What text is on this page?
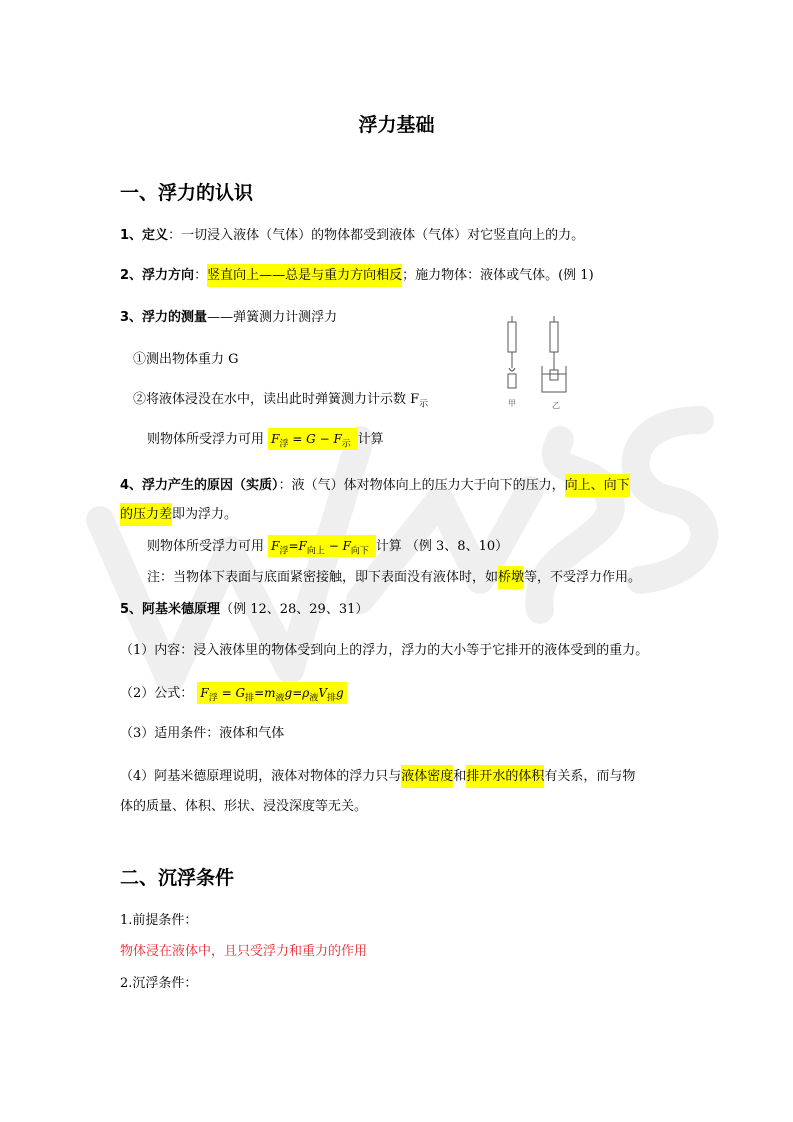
浮力基础
一、浮力的认识
1、定义：一切浸入液体（气体）的物体都受到液体（气体）对它竖直向上的力。
2、浮力方向：竖直向上——总是与重力方向相反；施力物体：液体或气体。(例 1)
3、浮力的测量——弹簧测力计测浮力
①测出物体重力 G
②将液体浸没在水中，读出此时弹簧测力计示数 $F_示$
则物体所受浮力可用 $F_浮 = G - F_示$ 计算
甲	乙
4、浮力产生的原因（实质）：液（气）体对物体向上的压力大于向下的压力，向上、向下
的压力差即为浮力。
则物体所受浮力可用 $F_浮=F_{向上} - F_{向下}$ 计算 （例 3、8、10）
注：当物体下表面与底面紧密接触，即下表面没有液体时，如桥墩等，不受浮力作用。
5、阿基米德原理（例 12、28、29、31）
（1）内容：浸入液体里的物体受到向上的浮力，浮力的大小等于它排开的液体受到的重力。
（2）公式： $F_浮 = G_排=m_液g=\rho_液V_排g$
（3）适用条件：液体和气体
（4）阿基米德原理说明，液体对物体的浮力只与液体密度和排开水的体积有关系，而与物
体的质量、体积、形状、浸没深度等无关。
二、沉浮条件
1.前提条件：
物体浸在液体中，且只受浮力和重力的作用
2.沉浮条件：
